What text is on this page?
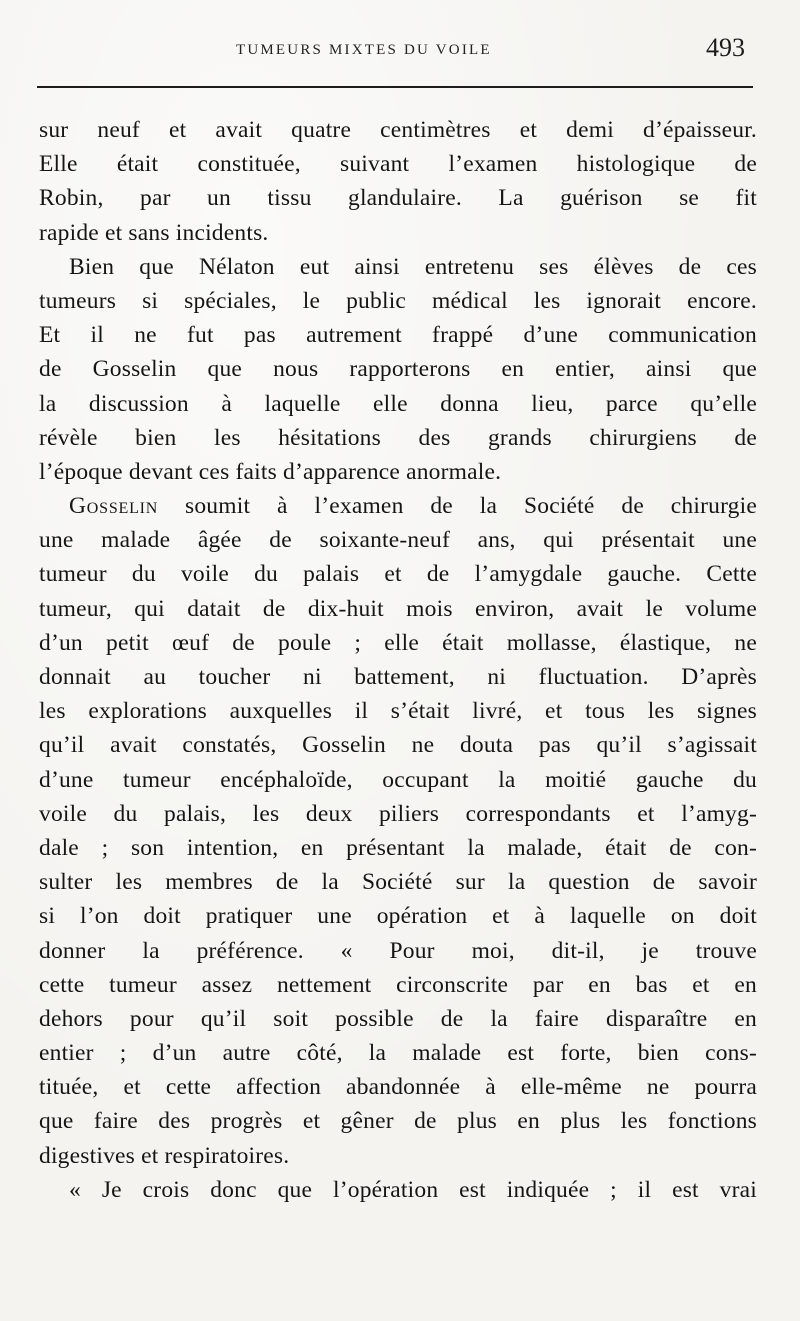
TUMEURS MIXTES DU VOILE	493
sur neuf et avait quatre centimètres et demi d’épaisseur.
Elle était constituée, suivant l’examen histologique de
Robin, par un tissu glandulaire. La guérison se fit
rapide et sans incidents.
Bien que Nélaton eut ainsi entretenu ses élèves de ces
tumeurs si spéciales, le public médical les ignorait encore.
Et il ne fut pas autrement frappé d’une communication
de Gosselin que nous rapporterons en entier, ainsi que
la discussion à laquelle elle donna lieu, parce qu’elle
révèle bien les hésitations des grands chirurgiens de
l’époque devant ces faits d’apparence anormale.
Gosselin soumit à l’examen de la Société de chirurgie
une malade âgée de soixante-neuf ans, qui présentait une
tumeur du voile du palais et de l’amygdale gauche. Cette
tumeur, qui datait de dix-huit mois environ, avait le volume
d’un petit œuf de poule ; elle était mollasse, élastique, ne
donnait au toucher ni battement, ni fluctuation. D’après
les explorations auxquelles il s’était livré, et tous les signes
qu’il avait constatés, Gosselin ne douta pas qu’il s’agissait
d’une tumeur encéphaloïde, occupant la moitié gauche du
voile du palais, les deux piliers correspondants et l’amyg-
dale ; son intention, en présentant la malade, était de con-
sulter les membres de la Société sur la question de savoir
si l’on doit pratiquer une opération et à laquelle on doit
donner la préférence. « Pour moi, dit-il, je trouve
cette tumeur assez nettement circonscrite par en bas et en
dehors pour qu’il soit possible de la faire disparaître en
entier ; d’un autre côté, la malade est forte, bien cons-
tituée, et cette affection abandonnée à elle-même ne pourra
que faire des progrès et gêner de plus en plus les fonctions
digestives et respiratoires.
« Je crois donc que l’opération est indiquée ; il est vrai
